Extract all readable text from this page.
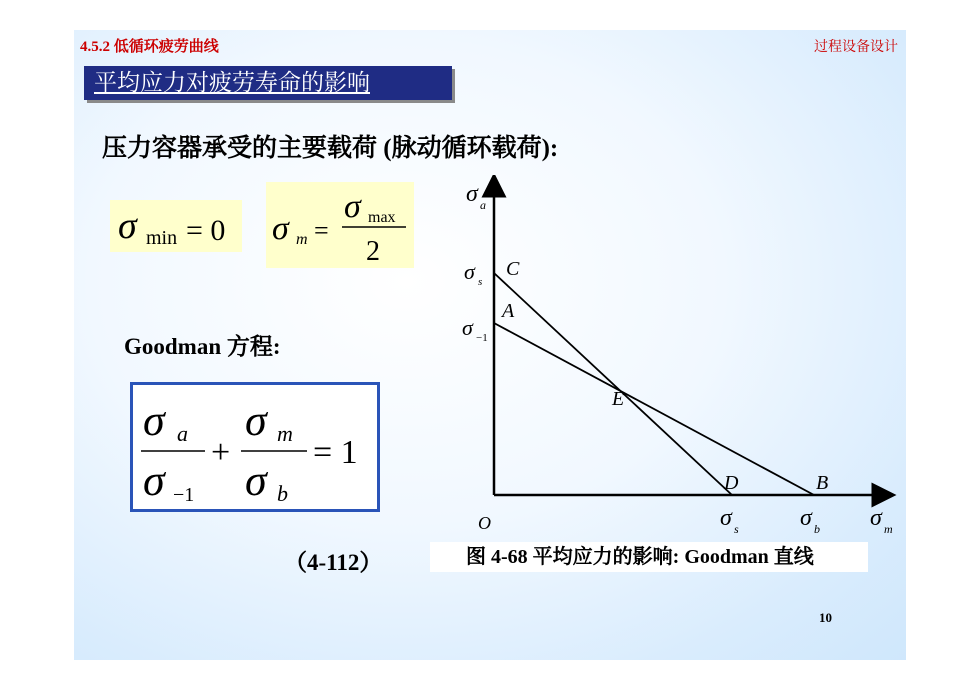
4.5.2 低循环疲劳曲线	过程设备设计
平均应力对疲劳寿命的影响
压力容器承受的主要载荷 (脉动循环载荷):
σ min = 0 σ m =
σ max
2
Goodman 方程:
σ a
σ −1
+
σ m
σ b
= 1
（4-112）
σ a
σ m
O
σ s
σ −1
σ s	σ b
C
A
E
D	B
图 4-68 平均应力的影响: Goodman 直线
10
